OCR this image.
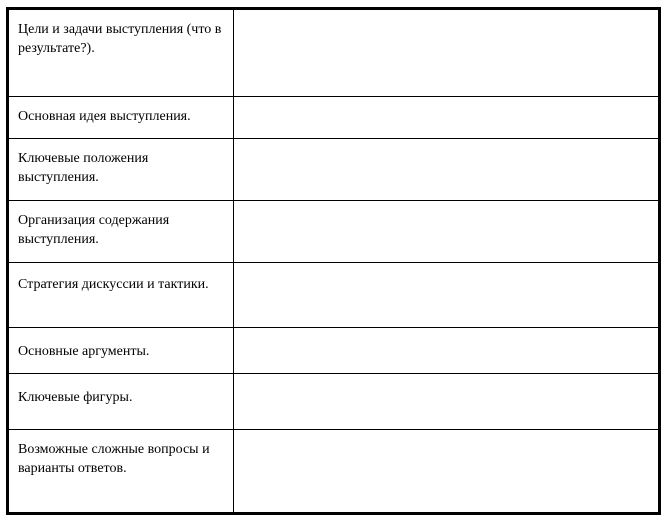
Цели и задачи выступления (что в результате?).	
Основная идея выступления.	
Ключевые положения выступления.	
Организация содержания выступления.	
Стратегия дискуссии и тактики.	
Основные аргументы.	
Ключевые фигуры.	
Возможные сложные вопросы и варианты ответов.	
